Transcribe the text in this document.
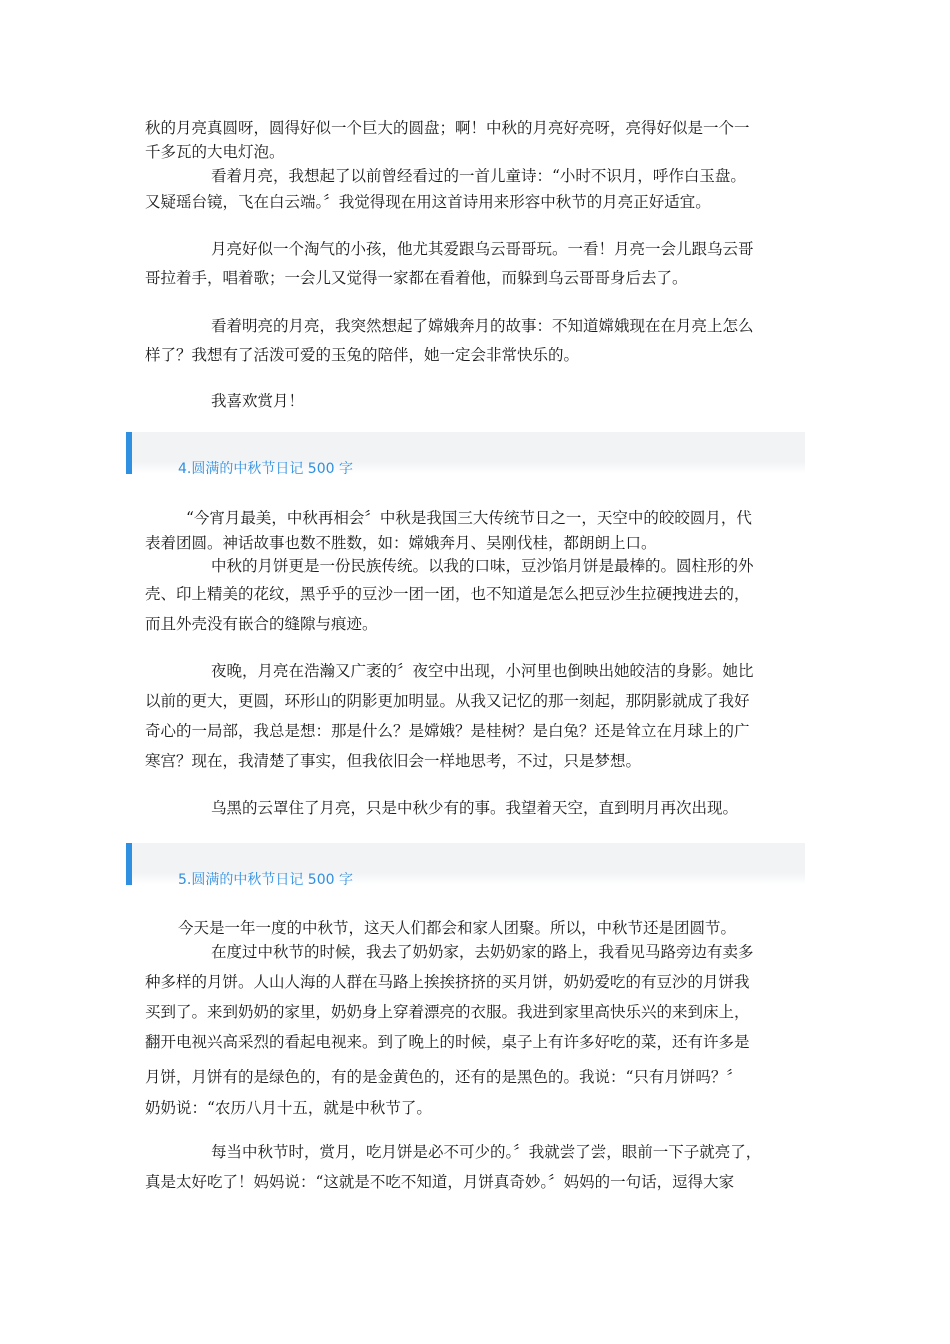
秋的月亮真圆呀，圆得好似一个巨大的圆盘；啊！中秋的月亮好亮呀，亮得好似是一个一

千多瓦的大电灯泡。

看着月亮，我想起了以前曾经看过的一首儿童诗：“小时不识月，呼作白玉盘。

又疑瑶台镜，飞在白云端。〞我觉得现在用这首诗用来形容中秋节的月亮正好适宜。

月亮好似一个淘气的小孩，他尤其爱跟乌云哥哥玩。一看！月亮一会儿跟乌云哥

哥拉着手，唱着歌；一会儿又觉得一家都在看着他，而躲到乌云哥哥身后去了。

看着明亮的月亮，我突然想起了嫦娥奔月的故事：不知道嫦娥现在在月亮上怎么

样了？我想有了活泼可爱的玉兔的陪伴，她一定会非常快乐的。

我喜欢赏月！

4.圆满的中秋节日记 500 字

“今宵月最美，中秋再相会〞中秋是我国三大传统节日之一，天空中的皎皎圆月，代

表着团圆。神话故事也数不胜数，如：嫦娥奔月、吴刚伐桂，都朗朗上口。

中秋的月饼更是一份民族传统。以我的口味，豆沙馅月饼是最棒的。圆柱形的外

壳、印上精美的花纹，黑乎乎的豆沙一团一团，也不知道是怎么把豆沙生拉硬拽进去的，

而且外壳没有嵌合的缝隙与痕迹。

夜晚，月亮在浩瀚又广袤的〞夜空中出现，小河里也倒映出她皎洁的身影。她比

以前的更大，更圆，环形山的阴影更加明显。从我又记忆的那一刻起，那阴影就成了我好

奇心的一局部，我总是想：那是什么？是嫦娥？是桂树？是白兔？还是耸立在月球上的广

寒宫？现在，我清楚了事实，但我依旧会一样地思考，不过，只是梦想。

乌黑的云罩住了月亮，只是中秋少有的事。我望着天空，直到明月再次出现。

5.圆满的中秋节日记 500 字

今天是一年一度的中秋节，这天人们都会和家人团聚。所以，中秋节还是团圆节。

在度过中秋节的时候，我去了奶奶家，去奶奶家的路上，我看见马路旁边有卖多

种多样的月饼。人山人海的人群在马路上挨挨挤挤的买月饼，奶奶爱吃的有豆沙的月饼我

买到了。来到奶奶的家里，奶奶身上穿着漂亮的衣服。我进到家里高快乐兴的来到床上，

翻开电视兴高采烈的看起电视来。到了晚上的时候，桌子上有许多好吃的菜，还有许多是

月饼，月饼有的是绿色的，有的是金黄色的，还有的是黑色的。我说：“只有月饼吗？〞

奶奶说：“农历八月十五，就是中秋节了。

每当中秋节时，赏月，吃月饼是必不可少的。〞我就尝了尝，眼前一下子就亮了，

真是太好吃了！妈妈说：“这就是不吃不知道，月饼真奇妙。〞妈妈的一句话，逗得大家
